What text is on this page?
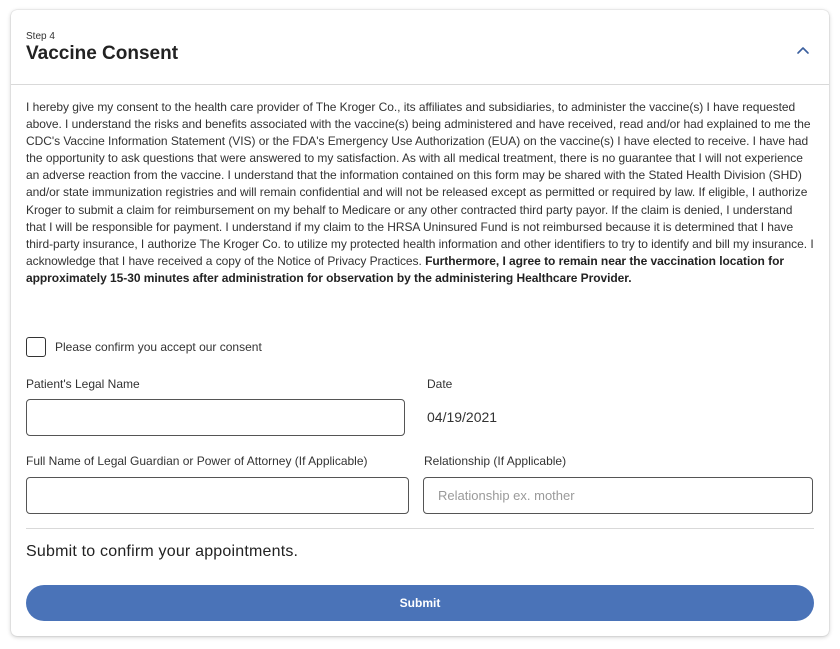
Step 4
Vaccine Consent

I hereby give my consent to the health care provider of The Kroger Co., its affiliates and subsidiaries, to administer the vaccine(s) I have requested above. I understand the risks and benefits associated with the vaccine(s) being administered and have received, read and/or had explained to me the CDC's Vaccine Information Statement (VIS) or the FDA's Emergency Use Authorization (EUA) on the vaccine(s) I have elected to receive. I have had the opportunity to ask questions that were answered to my satisfaction. As with all medical treatment, there is no guarantee that I will not experience an adverse reaction from the vaccine. I understand that the information contained on this form may be shared with the Stated Health Division (SHD) and/or state immunization registries and will remain confidential and will not be released except as permitted or required by law. If eligible, I authorize Kroger to submit a claim for reimbursement on my behalf to Medicare or any other contracted third party payor. If the claim is denied, I understand that I will be responsible for payment. I understand if my claim to the HRSA Uninsured Fund is not reimbursed because it is determined that I have third-party insurance, I authorize The Kroger Co. to utilize my protected health information and other identifiers to try to identify and bill my insurance. I acknowledge that I have received a copy of the Notice of Privacy Practices. Furthermore, I agree to remain near the vaccination location for approximately 15-30 minutes after administration for observation by the administering Healthcare Provider.

Please confirm you accept our consent
Patient's Legal Name	Date
04/19/2021
Full Name of Legal Guardian or Power of Attorney (If Applicable)	Relationship (If Applicable)
Relationship ex. mother
Submit to confirm your appointments.
Submit
